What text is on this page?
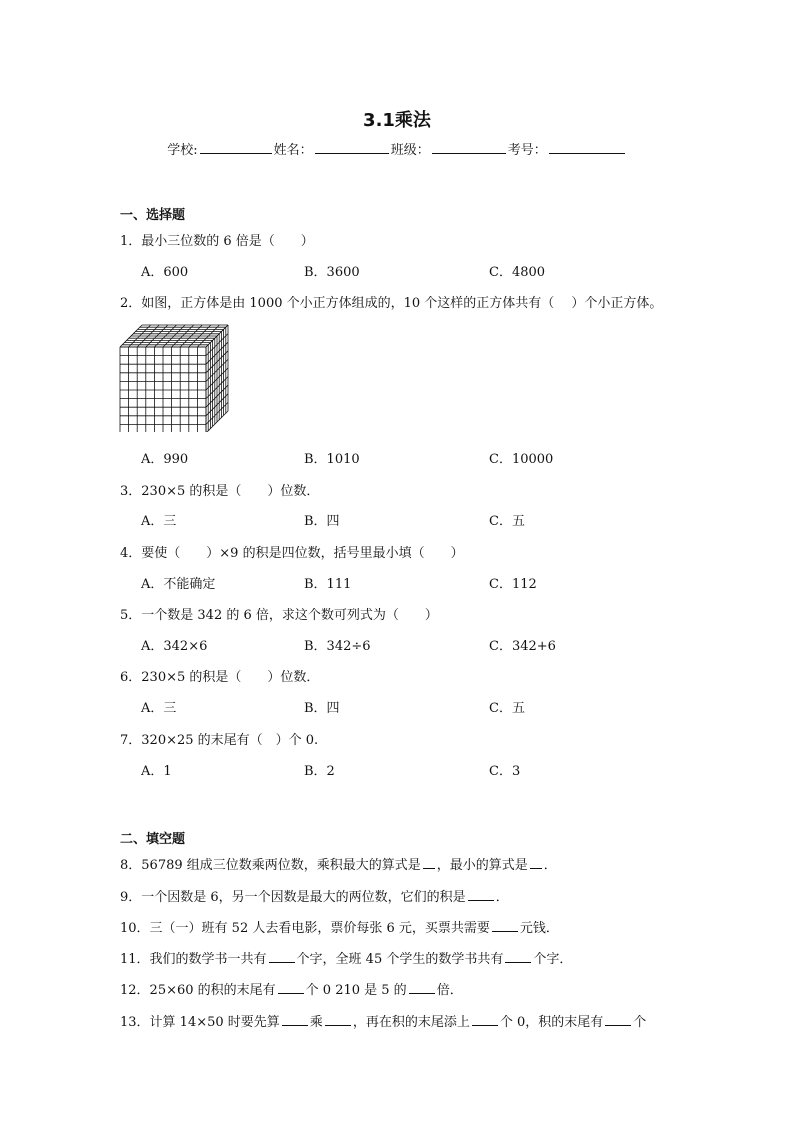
3.1乘法
学校:	姓名：	班级：	考号：
一、选择题
1．最小三位数的 6 倍是（　　）
A．600	B．3600	C．4800
2．如图，正方体是由 1000 个小正方体组成的，10 个这样的正方体共有（　 ）个小正方体。
A．990	B．1010	C．10000
3．230×5 的积是（　　）位数．
A．三	B．四	C．五
4．要使（　　）×9 的积是四位数，括号里最小填（　　）
A．不能确定	B．111	C．112
5．一个数是 342 的 6 倍，求这个数可列式为（　　）
A．342×6	B．342÷6	C．342+6
6．230×5 的积是（　　）位数．
A．三	B．四	C．五
7．320×25 的末尾有（　）个 0.
A．1	B．2	C．3
二、填空题
8．56789 组成三位数乘两位数，乘积最大的算式是 ，最小的算式是 ．
9．一个因数是 6，另一个因数是最大的两位数，它们的积是 ．
10．三（一）班有 52 人去看电影，票价每张 6 元，买票共需要 元钱．
11．我们的数学书一共有 个字，全班 45 个学生的数学书共有 个字．
12．25×60 的积的末尾有 个 0 210 是 5 的 倍．
13．计算 14×50 时要先算 乘 ，再在积的末尾添上 个 0，积的末尾有 个
